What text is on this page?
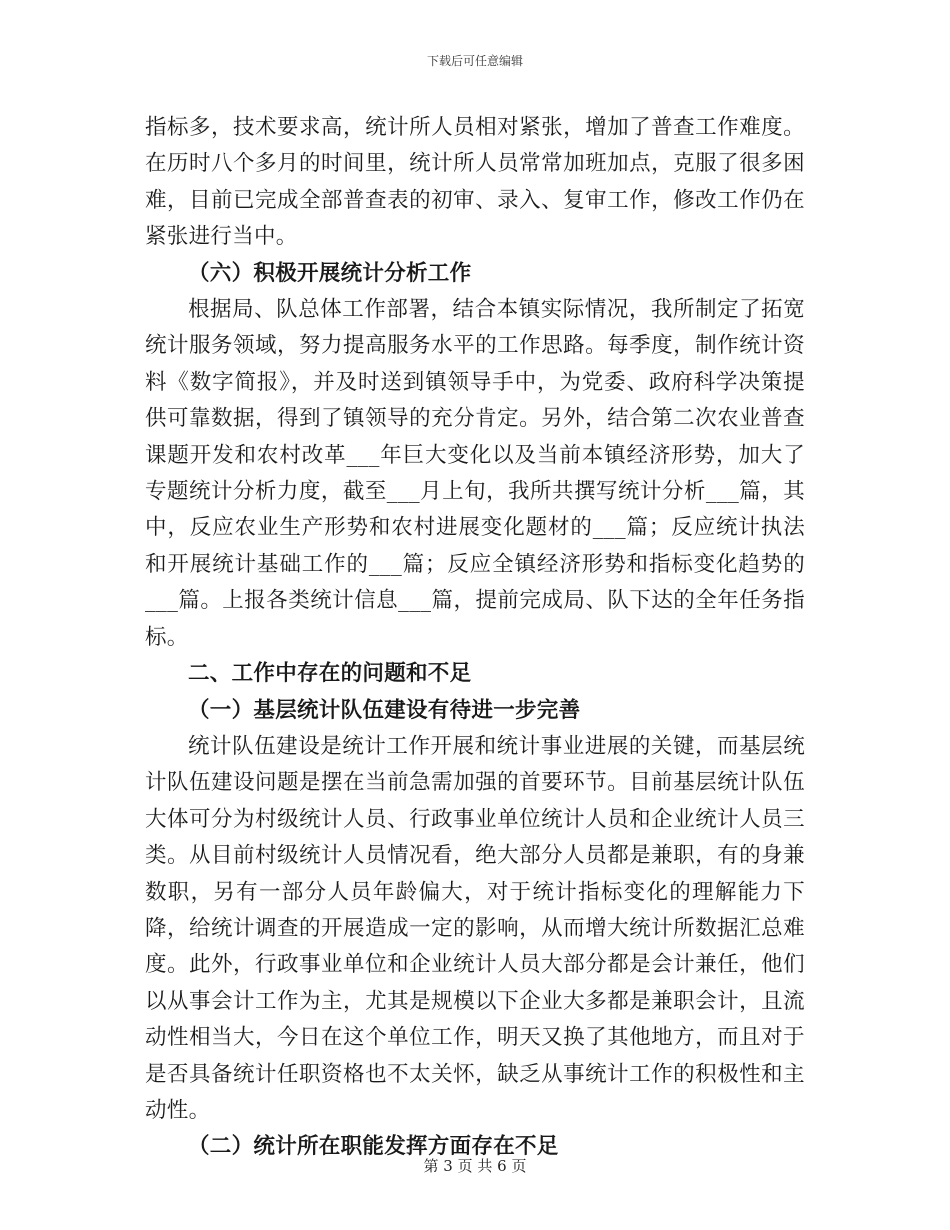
下载后可任意编辑

指标多，技术要求高，统计所人员相对紧张，增加了普查工作难度。在历时八个多月的时间里，统计所人员常常加班加点，克服了很多困难，目前已完成全部普查表的初审、录入、复审工作，修改工作仍在紧张进行当中。

（六）积极开展统计分析工作

根据局、队总体工作部署，结合本镇实际情况，我所制定了拓宽统计服务领域，努力提高服务水平的工作思路。每季度，制作统计资料《数字简报》，并及时送到镇领导手中，为党委、政府科学决策提供可靠数据，得到了镇领导的充分肯定。另外，结合第二次农业普查课题开发和农村改革___年巨大变化以及当前本镇经济形势，加大了专题统计分析力度，截至___月上旬，我所共撰写统计分析___篇，其中，反应农业生产形势和农村进展变化题材的___篇；反应统计执法和开展统计基础工作的___篇；反应全镇经济形势和指标变化趋势的___篇。上报各类统计信息___篇，提前完成局、队下达的全年任务指标。

二、工作中存在的问题和不足

（一）基层统计队伍建设有待进一步完善

统计队伍建设是统计工作开展和统计事业进展的关键，而基层统计队伍建设问题是摆在当前急需加强的首要环节。目前基层统计队伍大体可分为村级统计人员、行政事业单位统计人员和企业统计人员三类。从目前村级统计人员情况看，绝大部分人员都是兼职，有的身兼数职，另有一部分人员年龄偏大，对于统计指标变化的理解能力下降，给统计调查的开展造成一定的影响，从而增大统计所数据汇总难度。此外，行政事业单位和企业统计人员大部分都是会计兼任，他们以从事会计工作为主，尤其是规模以下企业大多都是兼职会计，且流动性相当大，今日在这个单位工作，明天又换了其他地方，而且对于是否具备统计任职资格也不太关怀，缺乏从事统计工作的积极性和主动性。

（二）统计所在职能发挥方面存在不足

第 3 页 共 6 页
